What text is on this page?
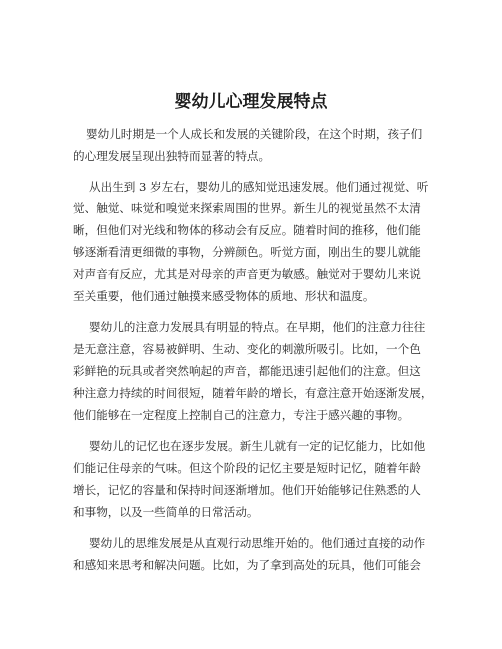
婴幼儿心理发展特点
婴幼儿时期是一个人成长和发展的关键阶段，在这个时期，孩子们
的心理发展呈现出独特而显著的特点。
从出生到 3 岁左右，婴幼儿的感知觉迅速发展。他们通过视觉、听
觉、触觉、味觉和嗅觉来探索周围的世界。新生儿的视觉虽然不太清
晰，但他们对光线和物体的移动会有反应。随着时间的推移，他们能
够逐渐看清更细微的事物，分辨颜色。听觉方面，刚出生的婴儿就能
对声音有反应，尤其是对母亲的声音更为敏感。触觉对于婴幼儿来说
至关重要，他们通过触摸来感受物体的质地、形状和温度。
婴幼儿的注意力发展具有明显的特点。在早期，他们的注意力往往
是无意注意，容易被鲜明、生动、变化的刺激所吸引。比如，一个色
彩鲜艳的玩具或者突然响起的声音，都能迅速引起他们的注意。但这
种注意力持续的时间很短，随着年龄的增长，有意注意开始逐渐发展，
他们能够在一定程度上控制自己的注意力，专注于感兴趣的事物。
婴幼儿的记忆也在逐步发展。新生儿就有一定的记忆能力，比如他
们能记住母亲的气味。但这个阶段的记忆主要是短时记忆，随着年龄
增长，记忆的容量和保持时间逐渐增加。他们开始能够记住熟悉的人
和事物，以及一些简单的日常活动。
婴幼儿的思维发展是从直观行动思维开始的。他们通过直接的动作
和感知来思考和解决问题。比如，为了拿到高处的玩具，他们可能会
